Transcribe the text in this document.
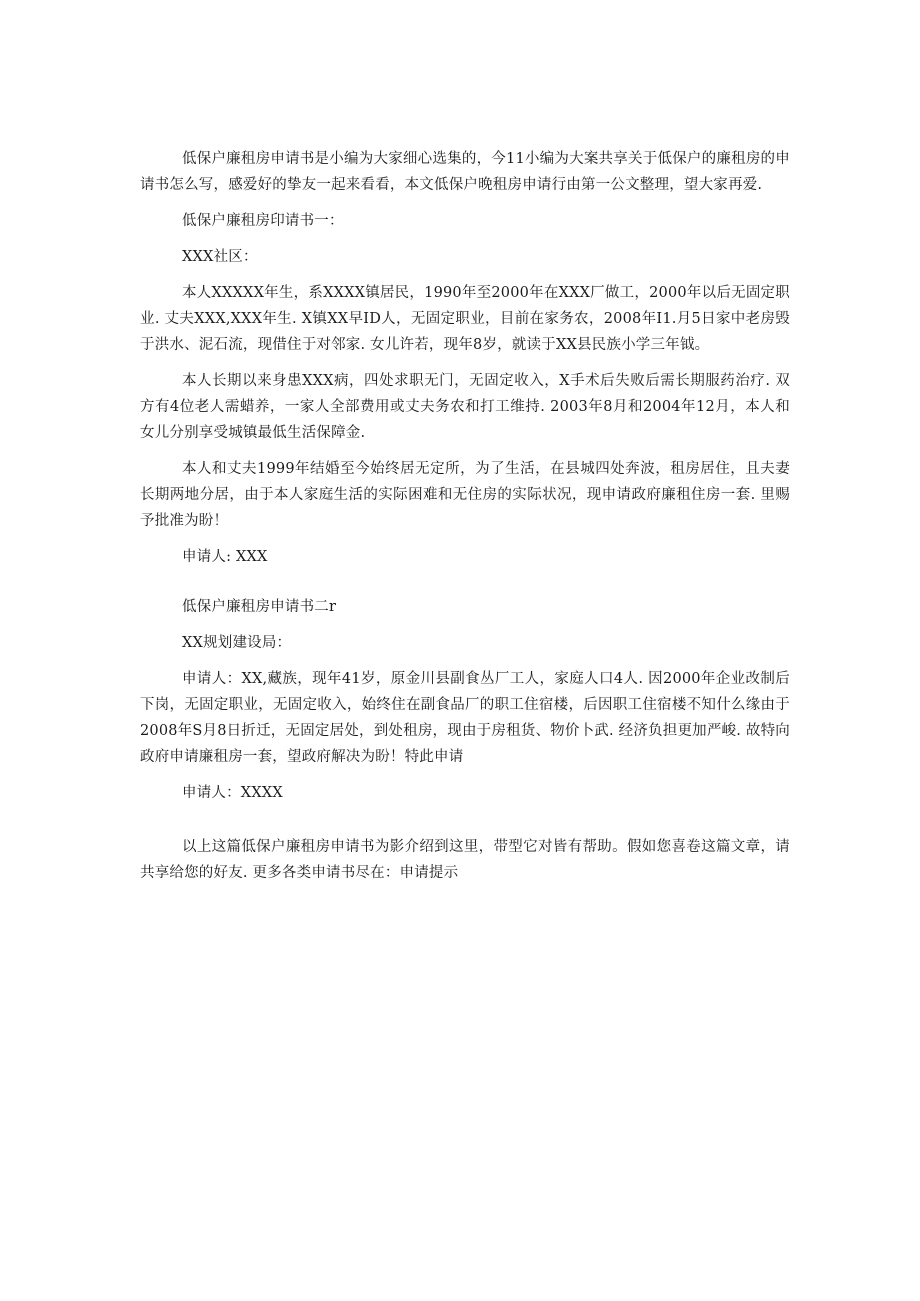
低保户廉租房申请书是小编为大家细心选集的，今11小编为大案共享关于低保户的廉租房的申请书怎么写，感爱好的挚友一起来看看，本文低保户晚租房申请行由第一公文整理，望大家再爱.

低保户廉租房印请书一：

XXX社区：

本人XXXXX年生，系XXXX镇居民，1990年至2000年在XXX厂做工，2000年以后无固定职业. 丈夫XXX,XXX年生. X镇XX早ID人，无固定职业，目前在家务农，2008年I1.月5日家中老房毁于洪水、泥石流，现借住于对邻家. 女儿许若，现年8岁，就读于XX县民族小学三年钺。

本人长期以来身患XXX病，四处求职无门，无固定收入，X手术后失败后需长期服药治疗. 双方有4位老人需蜡养，一家人全部费用或丈夫务农和打工维持. 2003年8月和2004年12月，本人和女儿分别享受城镇最低生活保障金.

本人和丈夫1999年结婚至今始终居无定所，为了生活，在县城四处奔波，租房居住，且夫妻长期两地分居，由于本人家庭生活的实际困难和无住房的实际状况，现申请政府廉租住房一套. 里赐予批准为盼！

申请人: XXX

低保户廉租房申请书二r

XX规划建设局：

申请人：XX,藏族，现年41岁，原金川县副食丛厂工人，家庭人口4人. 因2000年企业改制后下岗，无固定职业，无固定收入，始终住在副食品厂的职工住宿楼，后因职工住宿楼不知什么缘由于2008年S月8日折迁，无固定居处，到处租房，现由于房租货、物价卜武. 经济负担更加严峻. 故特向政府申请廉租房一套，望政府解决为盼！特此申请

申请人：XXXX

以上这篇低保户廉租房申请书为影介绍到这里，带型它对皆有帮助。假如您喜卷这篇文章，请共享给您的好友. 更多各类申请书尽在：申请提示
